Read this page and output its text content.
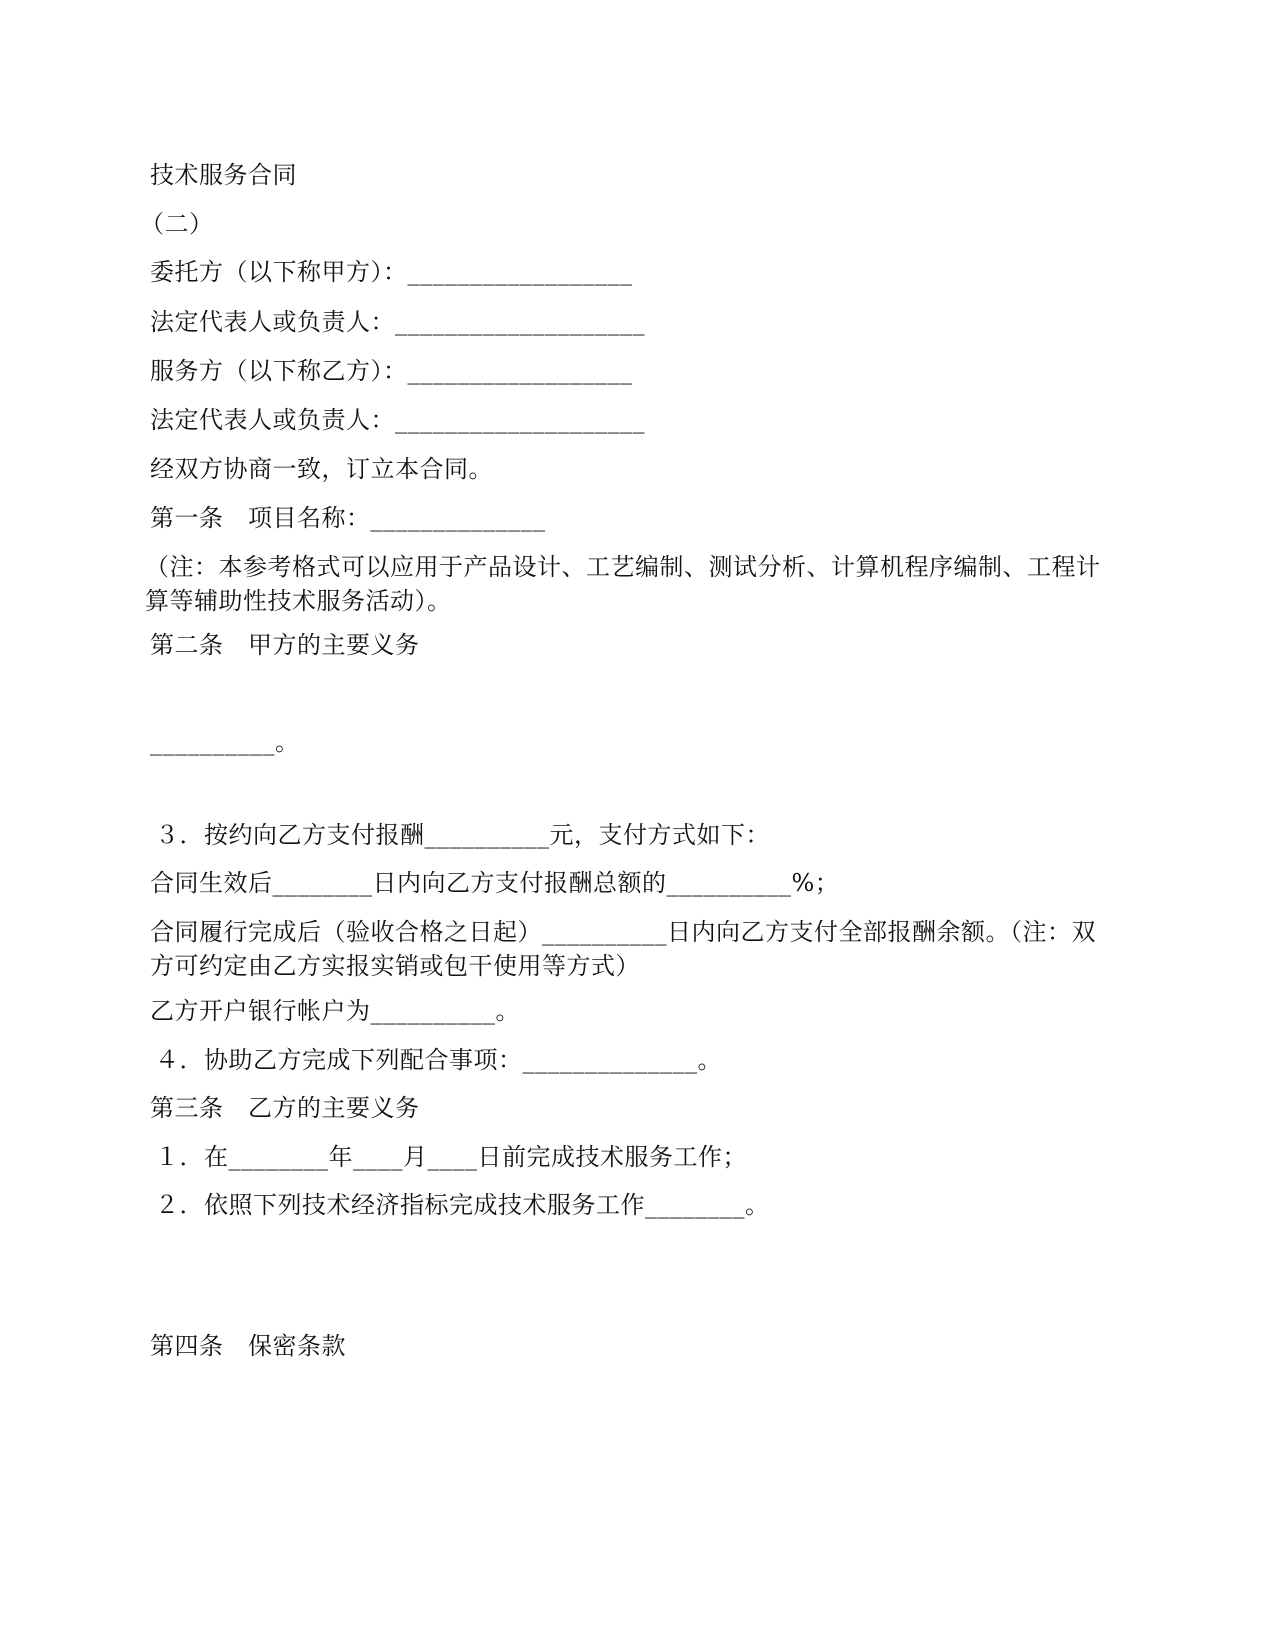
技术服务合同
（二）
委托方（以下称甲方）：__________________
法定代表人或负责人：____________________
服务方（以下称乙方）：__________________
法定代表人或负责人：____________________
经双方协商一致，订立本合同。
第一条　项目名称：______________
（注：本参考格式可以应用于产品设计、工艺编制、测试分析、计算机程序编制、工程计算等辅助性技术服务活动）。
第二条　甲方的主要义务
__________。
３．按约向乙方支付报酬__________元，支付方式如下：
合同生效后________日内向乙方支付报酬总额的__________%；
合同履行完成后（验收合格之日起）__________日内向乙方支付全部报酬余额。（注：双方可约定由乙方实报实销或包干使用等方式）
乙方开户银行帐户为__________。
４．协助乙方完成下列配合事项：______________。
第三条　乙方的主要义务
１．在________年____月____日前完成技术服务工作；
２．依照下列技术经济指标完成技术服务工作________。
第四条　保密条款
